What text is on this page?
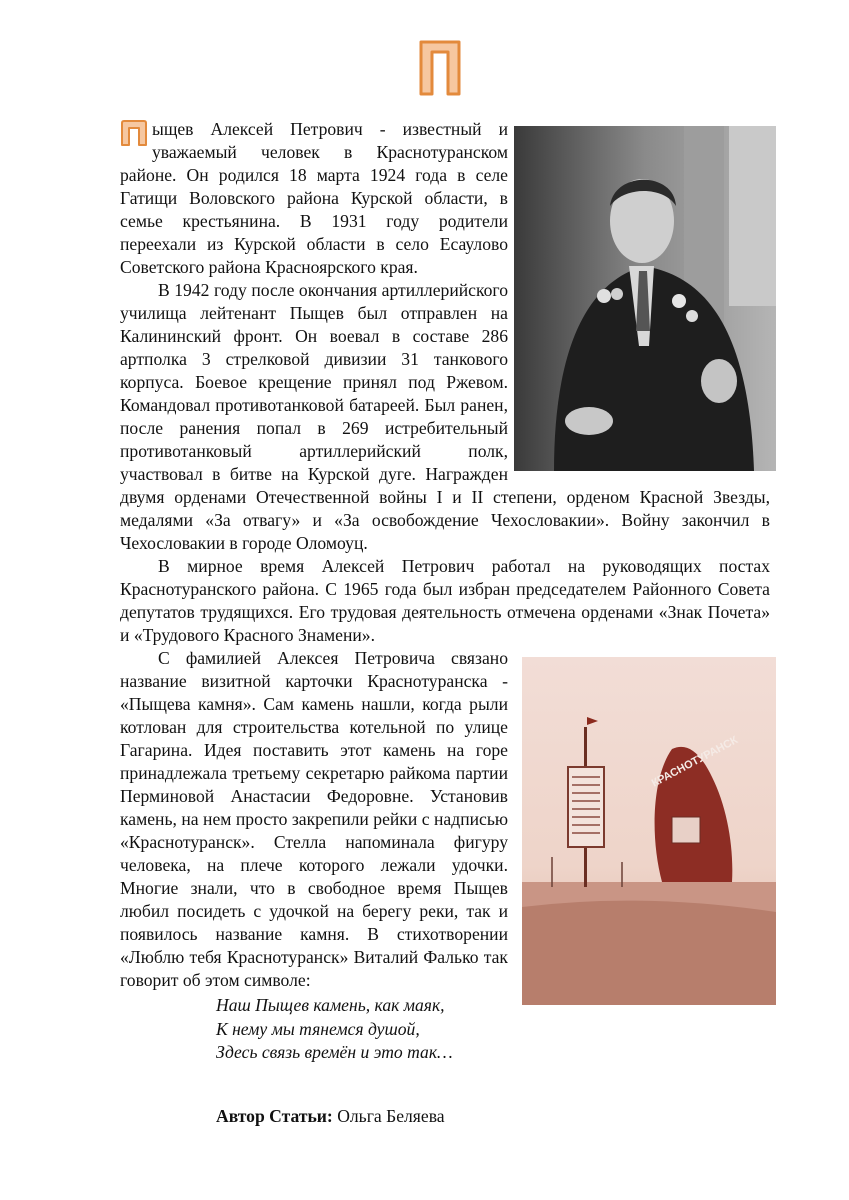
ыщев Алексей Петрович - известный и уважаемый человек в Краснотуранском районе. Он родился 18 марта 1924 года в селе Гатищи Воловского района Курской области, в семье крестьянина. В 1931 году родители переехали из Курской области в село Есаулово Советского района Красноярского края.

В 1942 году после окончания артиллерийского училища лейтенант Пыщев был отправлен на Калининский фронт. Он воевал в составе 286 артполка 3 стрелковой дивизии 31 танкового корпуса. Боевое крещение принял под Ржевом. Командовал противотанковой батареей. Был ранен, после ранения попал в 269 истребительный противотанковый артиллерийский полк, участвовал в битве на Курской дуге. Награжден двумя орденами Отечественной войны I и II степени, орденом Красной Звезды, медалями «За отвагу» и «За освобождение Чехословакии». Войну закончил в Чехословакии в городе Оломоуц.

В мирное время Алексей Петрович работал на руководящих постах Краснотуранского района. С 1965 года был избран председателем Районного Совета депутатов трудящихся. Его трудовая деятельность отмечена орденами «Знак Почета» и «Трудового Красного Знамени».

КРАСНОТУРАНСК

С фамилией Алексея Петровича связано название визитной карточки Краснотуранска - «Пыщева камня». Сам камень нашли, когда рыли котлован для строительства котельной по улице Гагарина. Идея поставить этот камень на горе принадлежала третьему секретарю райкома партии Перминовой Анастасии Федоровне. Установив камень, на нем просто закрепили рейки с надписью «Краснотуранск». Стелла напоминала фигуру человека, на плече которого лежали удочки. Многие знали, что в свободное время Пыщев любил посидеть с удочкой на берегу реки, так и появилось название камня. В стихотворении «Люблю тебя Краснотуранск» Виталий Фалько так говорит об этом символе:

Наш Пыщев камень, как маяк,
К нему мы тянемся душой,
Здесь связь времён и это так…
Автор Статьи: Ольга Беляева
